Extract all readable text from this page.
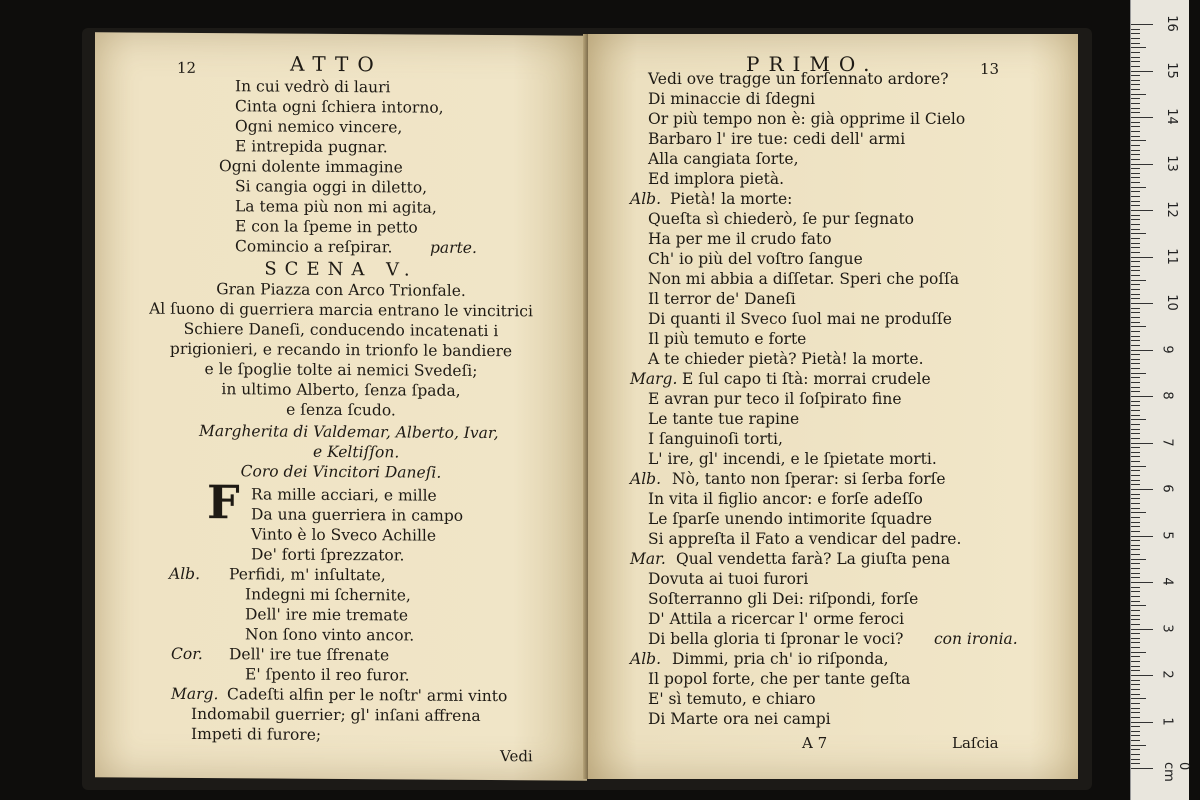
12	ATTO
In cui vedrò di lauri
Cinta ogni ſchiera intorno,
Ogni nemico vincere,
E intrepida pugnar.
Ogni dolente immagine
Si cangia oggi in diletto,
La tema più non mi agita,
E con la ſpeme in petto
Comincio a reſpirar. parte.
SCENA V.
Gran Piazza con Arco Trionfale.
Al ſuono di guerriera marcia entrano le vincitrici
Schiere Daneſi, conducendo incatenati i
prigionieri, e recando in trionfo le bandiere
e le ſpoglie tolte ai nemici Svedeſi;
in ultimo Alberto, ſenza ſpada,
e ſenza ſcudo.
Margherita di Valdemar, Alberto, Ivar,
e Keltiſſon.
Coro dei Vincitori Daneſi.
F Ra mille acciari, e mille
Da una guerriera in campo
Vinto è lo Sveco Achille
De' forti ſprezzator.
Alb. Perfidi, m' inſultate,
Indegni mi ſchernite,
Dell' ire mie tremate
Non ſono vinto ancor.
Cor. Dell' ire tue ſfrenate
E' ſpento il reo furor.
Marg. Cadeſti alfin per le noſtr' armi vinto
Indomabil guerrier; gl' inſani affrena
Impeti di furore;
Vedi
PRIMO.	13
Vedi ove tragge un forſennato ardore?
Di minaccie di ſdegni
Or più tempo non è: già opprime il Cielo
Barbaro l' ire tue: cedi dell' armi
Alla cangiata ſorte,
Ed implora pietà.
Alb. Pietà! la morte:
Queſta sì chiederò, ſe pur ſegnato
Ha per me il crudo fato
Ch' io più del voſtro ſangue
Non mi abbia a diſſetar. Speri che poſſa
Il terror de' Daneſi
Di quanti il Sveco ſuol mai ne produſſe
Il più temuto e forte
A te chieder pietà? Pietà! la morte.
Marg. E ſul capo ti ſtà: morrai crudele
E avran pur teco il ſoſpirato fine
Le tante tue rapine
I ſanguinoſi torti,
L' ire, gl' incendi, e le ſpietate morti.
Alb. Nò, tanto non ſperar: si ſerba forſe
In vita il figlio ancor: e forſe adeſſo
Le ſparſe unendo intimorite ſquadre
Si appreſta il Fato a vendicar del padre.
Mar. Qual vendetta farà? La giuſta pena
Dovuta ai tuoi furori
Soſterranno gli Dei: riſpondi, forſe
D' Attila a ricercar l' orme feroci
Di bella gloria ti ſpronar le voci? con ironia.
Alb. Dimmi, pria ch' io riſponda,
Il popol forte, che per tante geſta
E' sì temuto, e chiaro
Di Marte ora nei campi
A 7	Laſcia
0 cm
1
2
3
4
5
6
7
8
9
10
11
12
13
14
15
16
